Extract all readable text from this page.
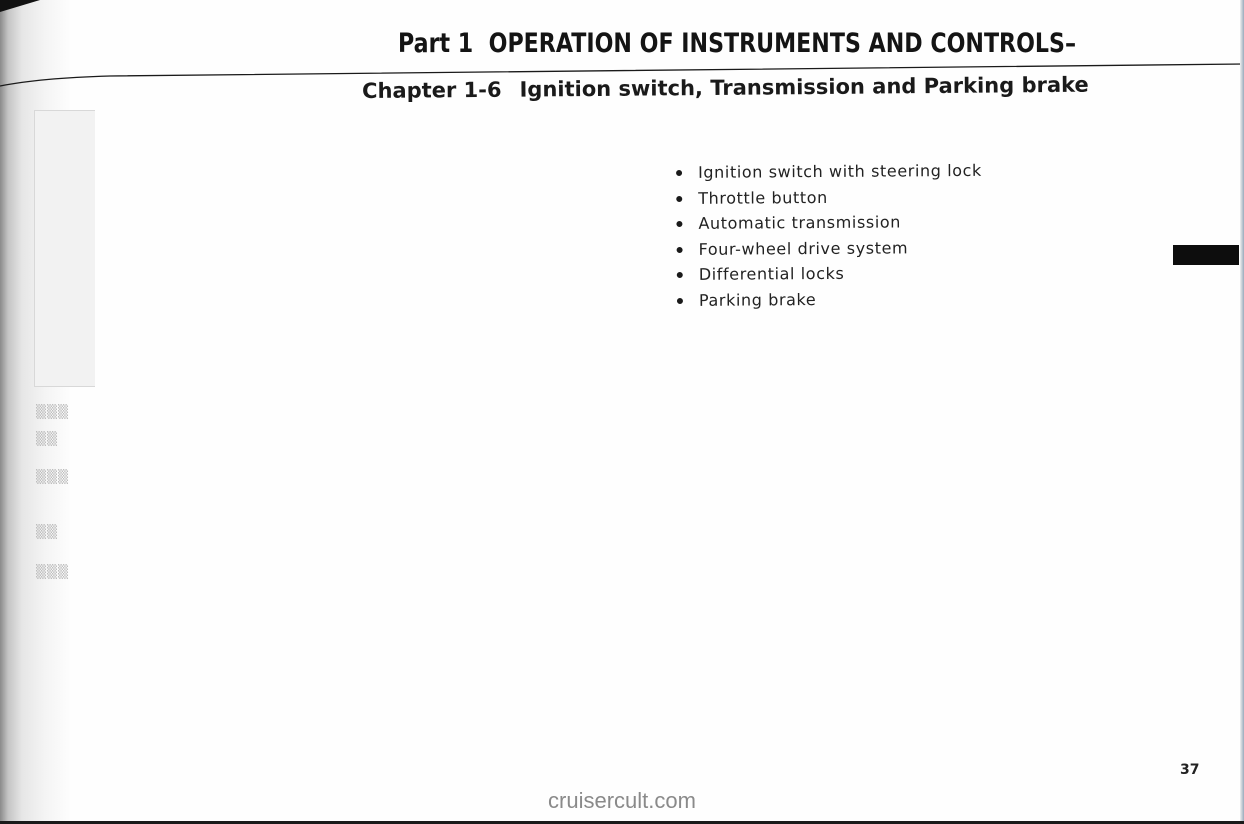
▒▒▒
▒▒
▒▒▒
▒▒
▒▒▒
Part 1 OPERATION OF INSTRUMENTS AND CONTROLS–
Chapter 1-6 Ignition switch, Transmission and Parking brake
Ignition switch with steering lock
Throttle button
Automatic transmission
Four-wheel drive system
Differential locks
Parking brake
37
cruisercult.com
